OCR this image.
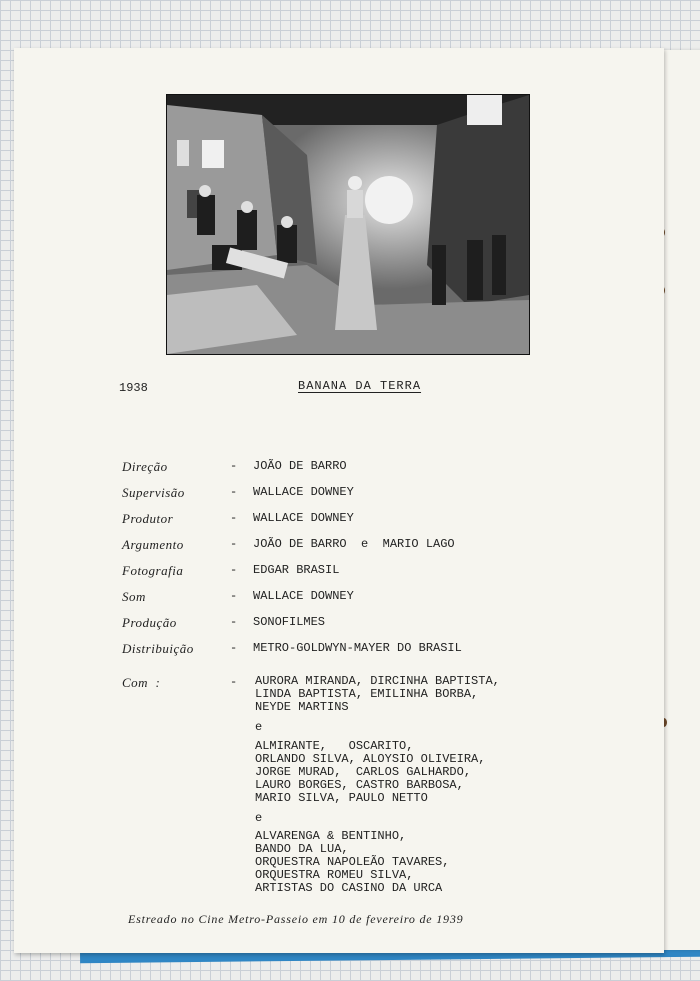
1938	BANANA DA TERRA
Direção	- JOÃO DE BARRO
Supervisão	- WALLACE DOWNEY
Produtor	- WALLACE DOWNEY
Argumento	- JOÃO DE BARRO  e  MARIO LAGO
Fotografia	- EDGAR BRASIL
Som	- WALLACE DOWNEY
Produção	- SONOFILMES
Distribuição	- METRO-GOLDWYN-MAYER DO BRASIL
Com  :	- AURORA MIRANDA, DIRCINHA BAPTISTA,
LINDA BAPTISTA, EMILINHA BORBA,
NEYDE MARTINS
e
ALMIRANTE,   OSCARITO,
ORLANDO SILVA, ALOYSIO OLIVEIRA,
JORGE MURAD,  CARLOS GALHARDO,
LAURO BORGES, CASTRO BARBOSA,
MARIO SILVA, PAULO NETTO
e
ALVARENGA & BENTINHO,
BANDO DA LUA,
ORQUESTRA NAPOLEÃO TAVARES,
ORQUESTRA ROMEU SILVA,
ARTISTAS DO CASINO DA URCA
Estreado no Cine Metro-Passeio em 10 de fevereiro de 1939
